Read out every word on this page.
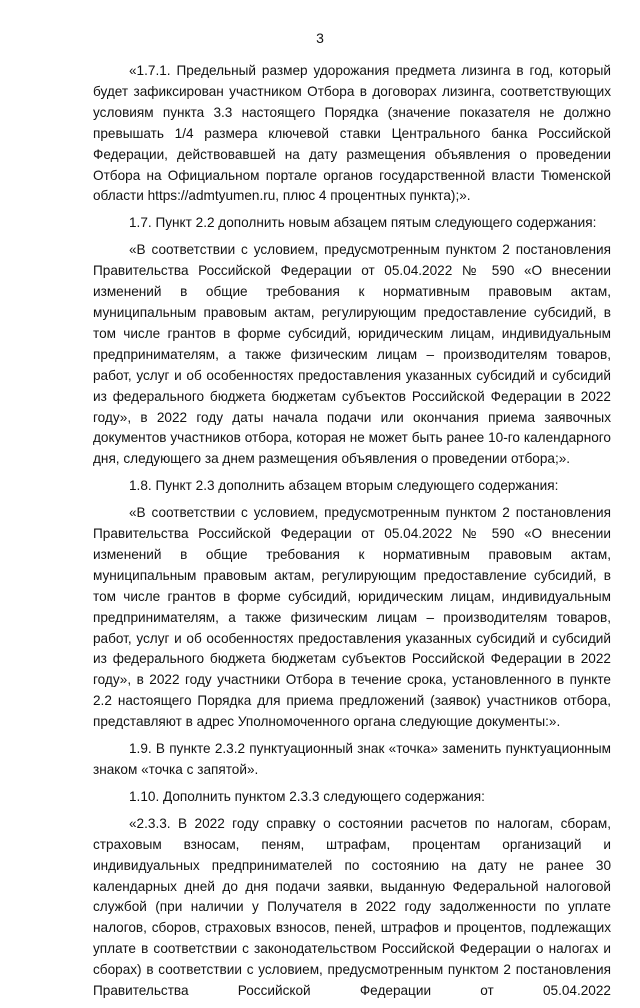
3

«1.7.1. Предельный размер удорожания предмета лизинга в год, который будет зафиксирован участником Отбора в договорах лизинга, соответствующих условиям пункта 3.3 настоящего Порядка (значение показателя не должно превышать 1/4 размера ключевой ставки Центрального банка Российской Федерации, действовавшей на дату размещения объявления о проведении Отбора на Официальном портале органов государственной власти Тюменской области https://admtyumen.ru, плюс 4 процентных пункта);».

1.7. Пункт 2.2 дополнить новым абзацем пятым следующего содержания:

«В соответствии с условием, предусмотренным пунктом 2 постановления Правительства Российской Федерации от 05.04.2022 № 590 «О внесении изменений в общие требования к нормативным правовым актам, муниципальным правовым актам, регулирующим предоставление субсидий, в том числе грантов в форме субсидий, юридическим лицам, индивидуальным предпринимателям, а также физическим лицам – производителям товаров, работ, услуг и об особенностях предоставления указанных субсидий и субсидий из федерального бюджета бюджетам субъектов Российской Федерации в 2022 году», в 2022 году даты начала подачи или окончания приема заявочных документов участников отбора, которая не может быть ранее 10-го календарного дня, следующего за днем размещения объявления о проведении отбора;».

1.8. Пункт 2.3 дополнить абзацем вторым следующего содержания:

«В соответствии с условием, предусмотренным пунктом 2 постановления Правительства Российской Федерации от 05.04.2022 № 590 «О внесении изменений в общие требования к нормативным правовым актам, муниципальным правовым актам, регулирующим предоставление субсидий, в том числе грантов в форме субсидий, юридическим лицам, индивидуальным предпринимателям, а также физическим лицам – производителям товаров, работ, услуг и об особенностях предоставления указанных субсидий и субсидий из федерального бюджета бюджетам субъектов Российской Федерации в 2022 году», в 2022 году участники Отбора в течение срока, установленного в пункте 2.2 настоящего Порядка для приема предложений (заявок) участников отбора, представляют в адрес Уполномоченного органа следующие документы:».

1.9. В пункте 2.3.2 пунктуационный знак «точка» заменить пунктуационным знаком «точка с запятой».

1.10. Дополнить пунктом 2.3.3 следующего содержания:

«2.3.3. В 2022 году справку о состоянии расчетов по налогам, сборам, страховым взносам, пеням, штрафам, процентам организаций и индивидуальных предпринимателей по состоянию на дату не ранее 30 календарных дней до дня подачи заявки, выданную Федеральной налоговой службой (при наличии у Получателя в 2022 году задолженности по уплате налогов, сборов, страховых взносов, пеней, штрафов и процентов, подлежащих уплате в соответствии с законодательством Российской Федерации о налогах и сборах) в соответствии с условием, предусмотренным пунктом 2 постановления Правительства Российской Федерации от 05.04.2022
